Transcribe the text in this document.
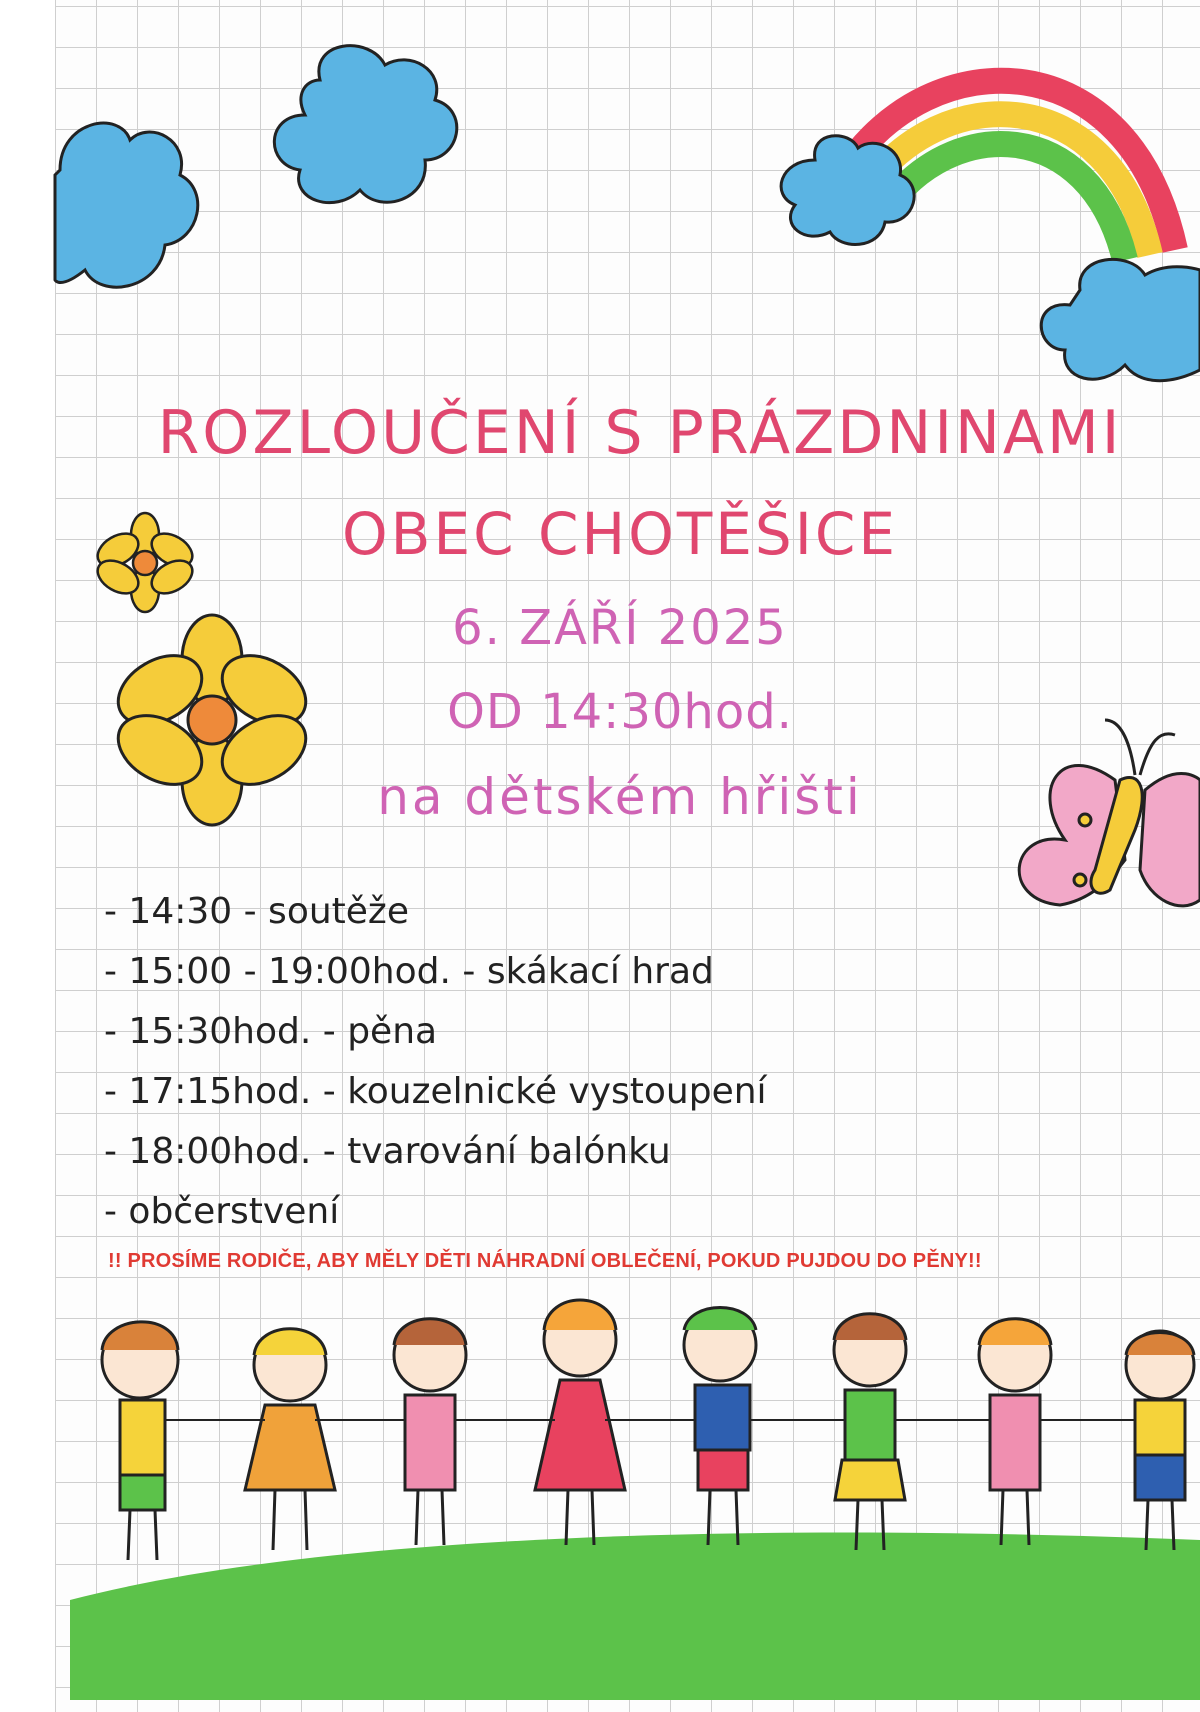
ROZLOUČENÍ S PRÁZDNINAMI
OBEC CHOTĚŠICE
6. ZÁŘÍ 2025
OD 14:30hod.
na dětském hřišti
- 14:30 - soutěže
- 15:00 - 19:00hod. - skákací hrad
- 15:30hod. - pěna
- 17:15hod. - kouzelnické vystoupení
- 18:00hod. - tvarování balónku
- občerstvení
!! PROSÍME RODIČE, ABY MĚLY DĚTI NÁHRADNÍ OBLEČENÍ, POKUD PUJDOU DO PĚNY!!
